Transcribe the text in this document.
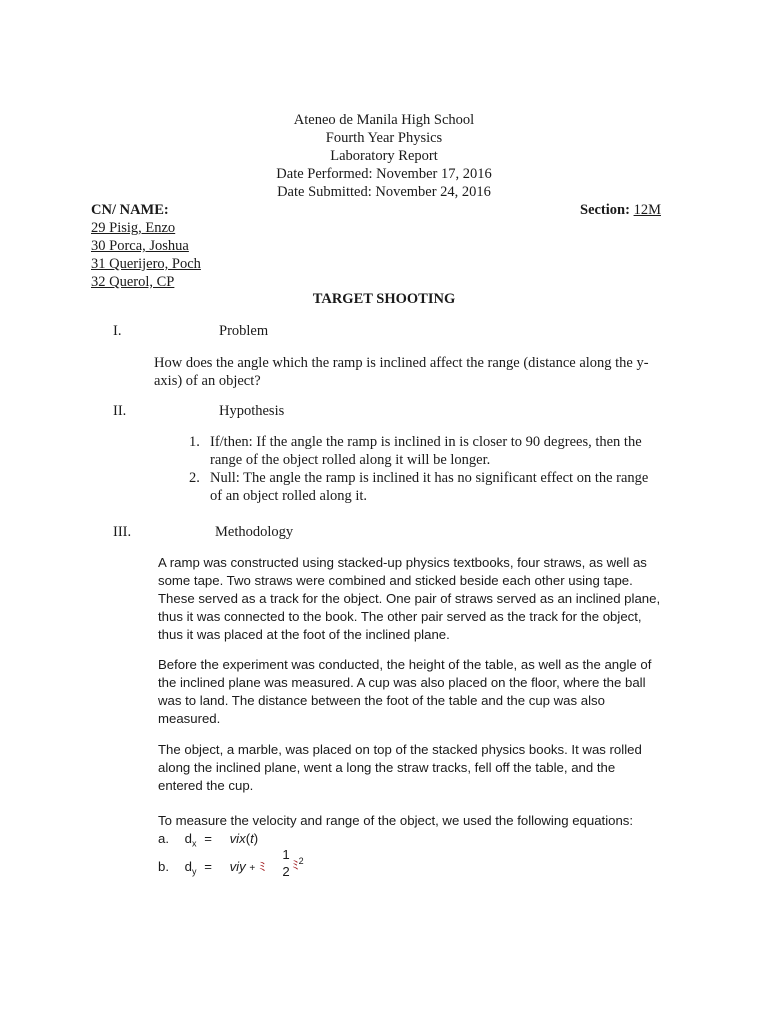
Ateneo de Manila High School
Fourth Year Physics
Laboratory Report
Date Performed: November 17, 2016
Date Submitted: November 24, 2016
CN/ NAME:	Section: 12M
29 Pisig, Enzo
30 Porca, Joshua
31 Querijero, Poch
32 Querol, CP
TARGET SHOOTING
I.	Problem
How does the angle which the ramp is inclined affect the range (distance along the y-
axis) of an object?
II.	Hypothesis
1. If/then: If the angle the ramp is inclined in is closer to 90 degrees, then the
range of the object rolled along it will be longer.
2. Null: The angle the ramp is inclined it has no significant effect on the range
of an object rolled along it.
III.	Methodology
A ramp was constructed using stacked-up physics textbooks, four straws, as well as
some tape. Two straws were combined and sticked beside each other using tape.
These served as a track for the object. One pair of straws served as an inclined plane,
thus it was connected to the book. The other pair served as the track for the object,
thus it was placed at the foot of the inclined plane.
Before the experiment was conducted, the height of the table, as well as the angle of
the inclined plane was measured. A cup was also placed on the floor, where the ball
was to land. The distance between the foot of the table and the cup was also
measured.
The object, a marble, was placed on top of the stacked physics books. It was rolled
along the inclined plane, went a long the straw tracks, fell off the table, and the
entered the cup.
To measure the velocity and range of the object, we used the following equations:
a. $d_x = vix(t)$
b. $d_y$ = viy + ﾐ
1
2 ﾐ$^2$
